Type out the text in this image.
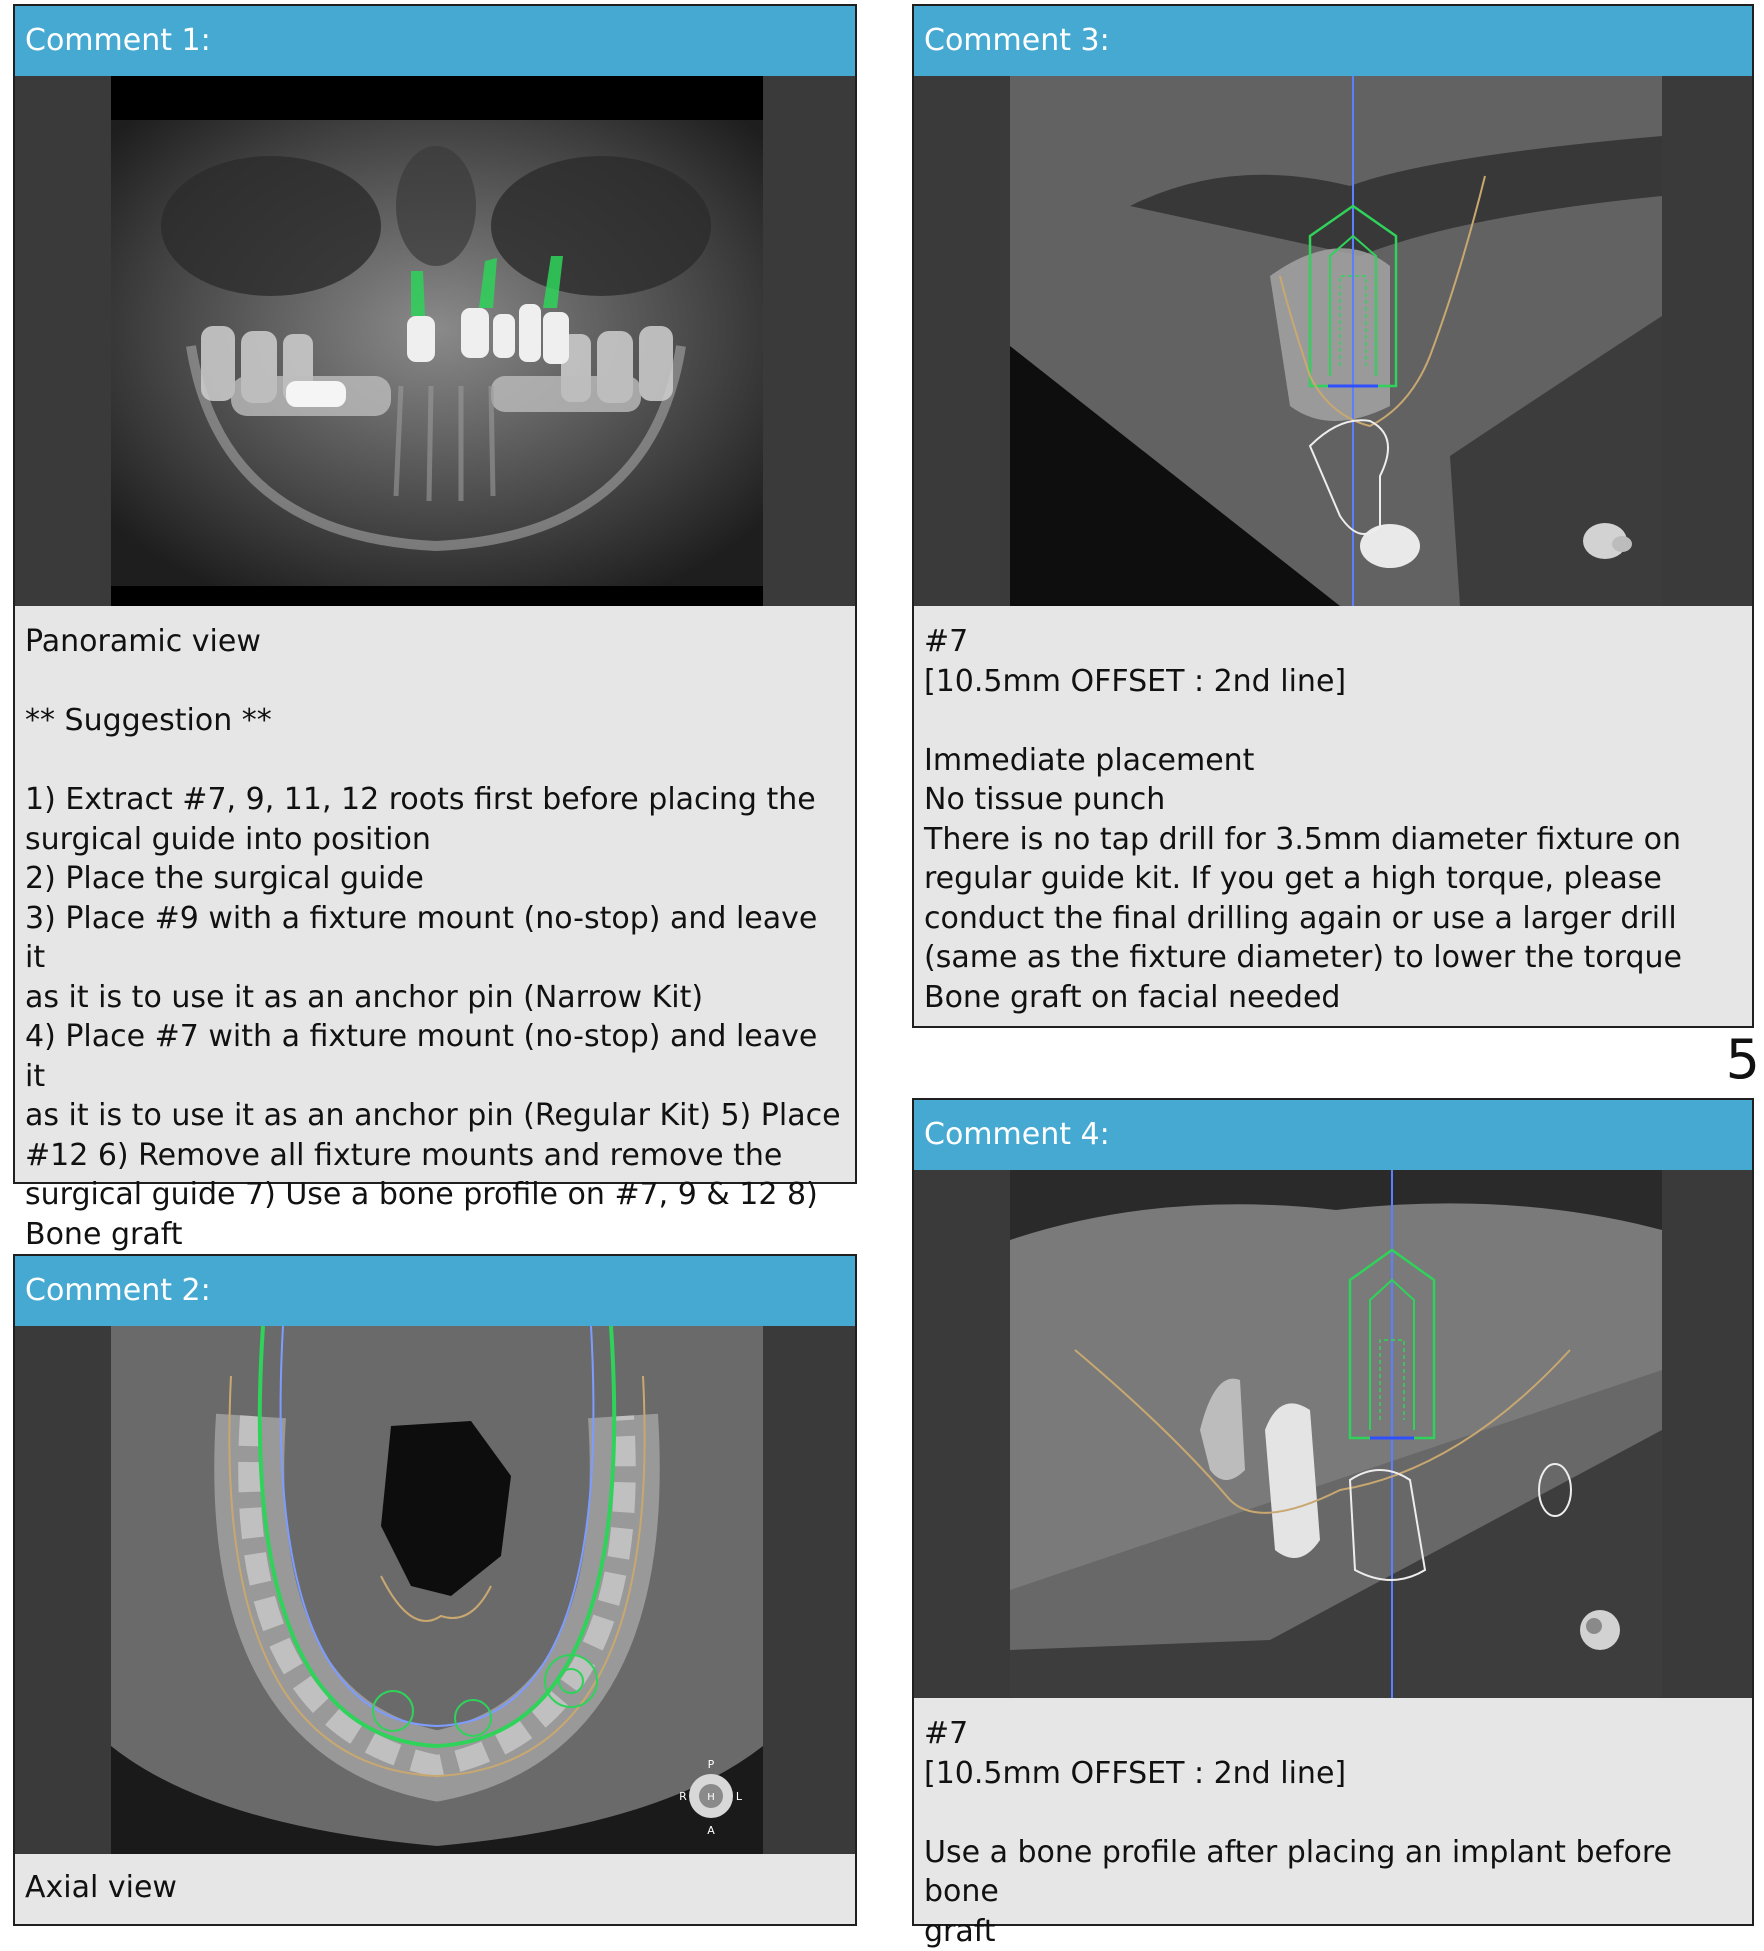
Comment 1:
Panoramic view
** Suggestion **
1) Extract #7, 9, 11, 12 roots first before placing the
surgical guide into position
2) Place the surgical guide
3) Place #9 with a fixture mount (no-stop) and leave it
as it is to use it as an anchor pin (Narrow Kit)
4) Place #7 with a fixture mount (no-stop) and leave it
as it is to use it as an anchor pin (Regular Kit) 5) Place
#12 6) Remove all fixture mounts and remove the
surgical guide 7) Use a bone profile on #7, 9 & 12 8)
Bone graft
Comment 2:
P
A
R	L
H
Axial view
Comment 3:
#7
[10.5mm OFFSET : 2nd line]
Immediate placement
No tissue punch
There is no tap drill for 3.5mm diameter fixture on
regular guide kit. If you get a high torque, please
conduct the final drilling again or use a larger drill
(same as the fixture diameter) to lower the torque
Bone graft on facial needed
5
Comment 4:
#7
[10.5mm OFFSET : 2nd line]
Use a bone profile after placing an implant before bone
graft
